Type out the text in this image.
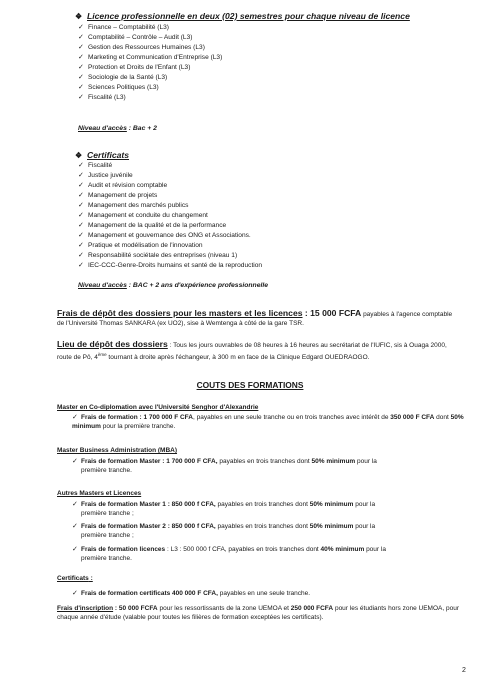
❖ Licence professionnelle en deux (02) semestres pour chaque niveau de licence
✓ Finance – Comptabilité (L3)
✓ Comptabilité – Contrôle – Audit (L3)
✓ Gestion des Ressources Humaines (L3)
✓ Marketing et Communication d'Entreprise (L3)
✓ Protection et Droits de l'Enfant (L3)
✓ Sociologie de la Santé (L3)
✓ Sciences Politiques (L3)
✓ Fiscalité (L3)
Niveau d'accès : Bac + 2
❖ Certificats
✓ Fiscalité
✓ Justice juvénile
✓ Audit et révision comptable
✓ Management de projets
✓ Management des marchés publics
✓ Management et conduite du changement
✓ Management de la qualité et de la performance
✓ Management et gouvernance des ONG et Associations.
✓ Pratique et modélisation de l'innovation
✓ Responsabilité sociétale des entreprises (niveau 1)
✓ IEC-CCC-Genre-Droits humains et santé de la reproduction
Niveau d'accès : BAC + 2 ans d'expérience professionnelle
Frais de dépôt des dossiers pour les masters et les licences : 15 000 FCFA payables à l'agence comptable de l'Université Thomas SANKARA (ex UO2), sise à Wemtenga à côté de la gare TSR.
Lieu de dépôt des dossiers : Tous les jours ouvrables de 08 heures à 16 heures au secrétariat de l'IUFIC, sis à Ouaga 2000, route de Pô, 4ème tournant à droite après l'échangeur, à 300 m en face de la Clinique Edgard OUEDRAOGO.
COUTS DES FORMATIONS
Master en Co-diplomation avec l'Université Senghor d'Alexandrie
✓ Frais de formation : 1 700 000 F CFA, payables en une seule tranche ou en trois tranches avec intérêt de 350 000 F CFA dont 50% minimum pour la première tranche.
Master Business Administration (MBA)
✓ Frais de formation Master : 1 700 000 F CFA, payables en trois tranches dont 50% minimum pour la
première tranche.
Autres Masters et Licences
✓ Frais de formation Master 1 : 850 000 f CFA, payables en trois tranches dont 50% minimum pour la
première tranche ;
✓ Frais de formation Master 2 : 850 000 f CFA, payables en trois tranches dont 50% minimum pour la
première tranche ;
✓ Frais de formation licences : L3 : 500 000 f CFA, payables en trois tranches dont 40% minimum pour la
première tranche.
Certificats :
✓ Frais de formation certificats 400 000 F CFA, payables en une seule tranche.
Frais d'inscription : 50 000 FCFA pour les ressortissants de la zone UEMOA et 250 000 FCFA pour les étudiants hors zone UEMOA, pour chaque année d'étude (valable pour toutes les filières de formation exceptées les certificats).
2
